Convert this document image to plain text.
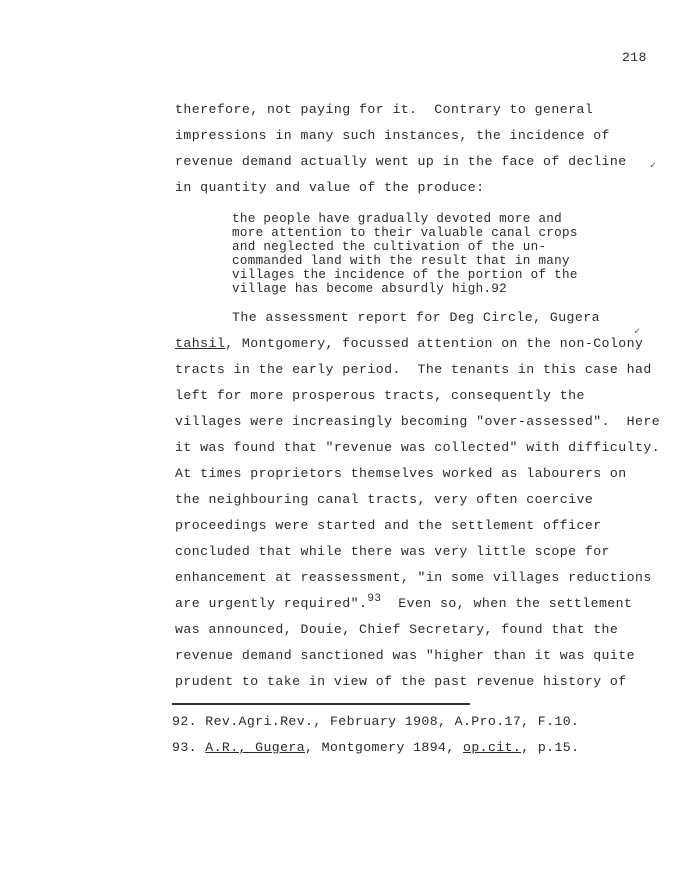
218
therefore, not paying for it.  Contrary to general
impressions in many such instances, the incidence of
revenue demand actually went up in the face of decline
in quantity and value of the produce:
✓
the people have gradually devoted more and
more attention to their valuable canal crops
and neglected the cultivation of the un-
commanded land with the result that in many
villages the incidence of the portion of the
village has become absurdly high.92
The assessment report for Deg Circle, Gugera
tahsil, Montgomery, focussed attention on the non-Colony
tracts in the early period.  The tenants in this case had
left for more prosperous tracts, consequently the
villages were increasingly becoming "over-assessed".  Here
it was found that "revenue was collected" with difficulty.
At times proprietors themselves worked as labourers on
the neighbouring canal tracts, very often coercive
proceedings were started and the settlement officer
concluded that while there was very little scope for
enhancement at reassessment, "in some villages reductions
are urgently required".$^{93}$  Even so, when the settlement
was announced, Douie, Chief Secretary, found that the
revenue demand sanctioned was "higher than it was quite
prudent to take in view of the past revenue history of
✓
92. Rev.Agri.Rev., February 1908, A.Pro.17, F.10.
93. A.R., Gugera, Montgomery 1894, op.cit., p.15.
